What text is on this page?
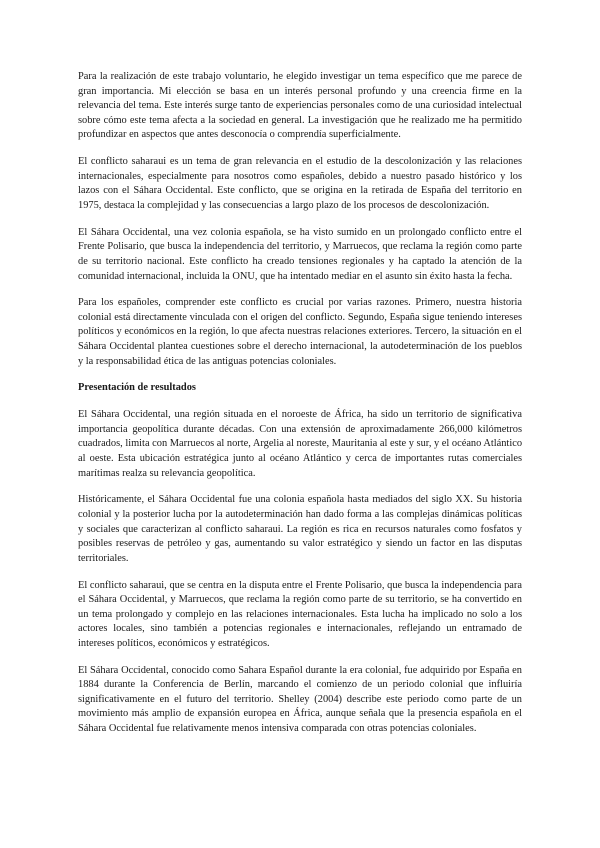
Para la realización de este trabajo voluntario, he elegido investigar un tema específico que me parece de gran importancia. Mi elección se basa en un interés personal profundo y una creencia firme en la relevancia del tema. Este interés surge tanto de experiencias personales como de una curiosidad intelectual sobre cómo este tema afecta a la sociedad en general. La investigación que he realizado me ha permitido profundizar en aspectos que antes desconocía o comprendía superficialmente.

El conflicto saharaui es un tema de gran relevancia en el estudio de la descolonización y las relaciones internacionales, especialmente para nosotros como españoles, debido a nuestro pasado histórico y los lazos con el Sáhara Occidental. Este conflicto, que se origina en la retirada de España del territorio en 1975, destaca la complejidad y las consecuencias a largo plazo de los procesos de descolonización.

El Sáhara Occidental, una vez colonia española, se ha visto sumido en un prolongado conflicto entre el Frente Polisario, que busca la independencia del territorio, y Marruecos, que reclama la región como parte de su territorio nacional. Este conflicto ha creado tensiones regionales y ha captado la atención de la comunidad internacional, incluida la ONU, que ha intentado mediar en el asunto sin éxito hasta la fecha.

Para los españoles, comprender este conflicto es crucial por varias razones. Primero, nuestra historia colonial está directamente vinculada con el origen del conflicto. Segundo, España sigue teniendo intereses políticos y económicos en la región, lo que afecta nuestras relaciones exteriores. Tercero, la situación en el Sáhara Occidental plantea cuestiones sobre el derecho internacional, la autodeterminación de los pueblos y la responsabilidad ética de las antiguas potencias coloniales.

Presentación de resultados

El Sáhara Occidental, una región situada en el noroeste de África, ha sido un territorio de significativa importancia geopolítica durante décadas. Con una extensión de aproximadamente 266,000 kilómetros cuadrados, limita con Marruecos al norte, Argelia al noreste, Mauritania al este y sur, y el océano Atlántico al oeste. Esta ubicación estratégica junto al océano Atlántico y cerca de importantes rutas comerciales marítimas realza su relevancia geopolítica.

Históricamente, el Sáhara Occidental fue una colonia española hasta mediados del siglo XX. Su historia colonial y la posterior lucha por la autodeterminación han dado forma a las complejas dinámicas políticas y sociales que caracterizan al conflicto saharaui. La región es rica en recursos naturales como fosfatos y posibles reservas de petróleo y gas, aumentando su valor estratégico y siendo un factor en las disputas territoriales.

El conflicto saharaui, que se centra en la disputa entre el Frente Polisario, que busca la independencia para el Sáhara Occidental, y Marruecos, que reclama la región como parte de su territorio, se ha convertido en un tema prolongado y complejo en las relaciones internacionales. Esta lucha ha implicado no solo a los actores locales, sino también a potencias regionales e internacionales, reflejando un entramado de intereses políticos, económicos y estratégicos.

El Sáhara Occidental, conocido como Sahara Español durante la era colonial, fue adquirido por España en 1884 durante la Conferencia de Berlín, marcando el comienzo de un periodo colonial que influiría significativamente en el futuro del territorio. Shelley (2004) describe este periodo como parte de un movimiento más amplio de expansión europea en África, aunque señala que la presencia española en el Sáhara Occidental fue relativamente menos intensiva comparada con otras potencias coloniales.
